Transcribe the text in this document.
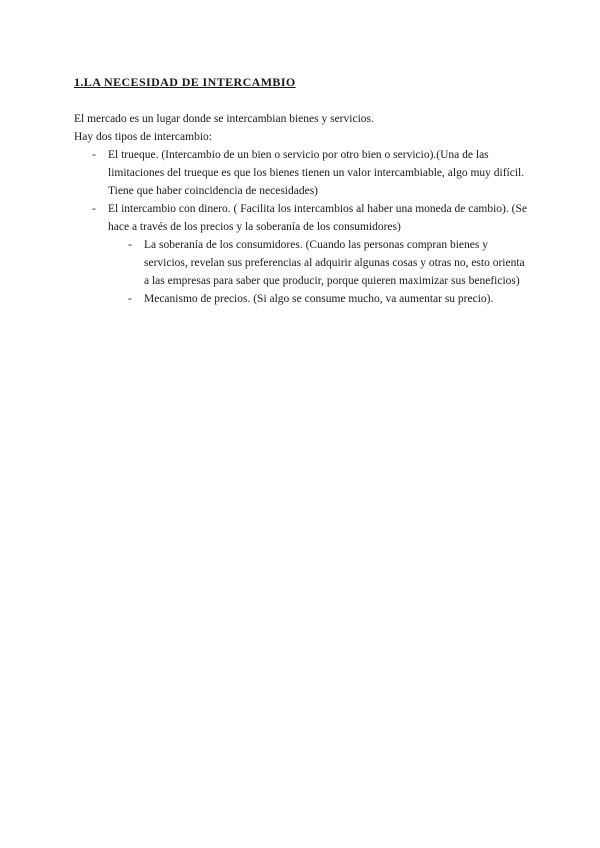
1.LA NECESIDAD DE INTERCAMBIO

El mercado es un lugar donde se intercambian bienes y servicios.

Hay dos tipos de intercambio:

- El trueque. (Intercambio de un bien o servicio por otro bien o servicio).(Una de las limitaciones del trueque es que los bienes tienen un valor intercambiable, algo muy difícil. Tiene que haber coincidencia de necesidades)
- El intercambio con dinero. ( Facilita los intercambios al haber una moneda de cambio). (Se hace a través de los precios y la soberanía de los consumidores)
- La soberanía de los consumidores. (Cuando las personas compran bienes y servicios, revelan sus preferencias al adquirir algunas cosas y otras no, esto orienta a las empresas para saber que producir, porque quieren maximizar sus beneficios)
- Mecanismo de precios. (Si algo se consume mucho, va aumentar su precio).
